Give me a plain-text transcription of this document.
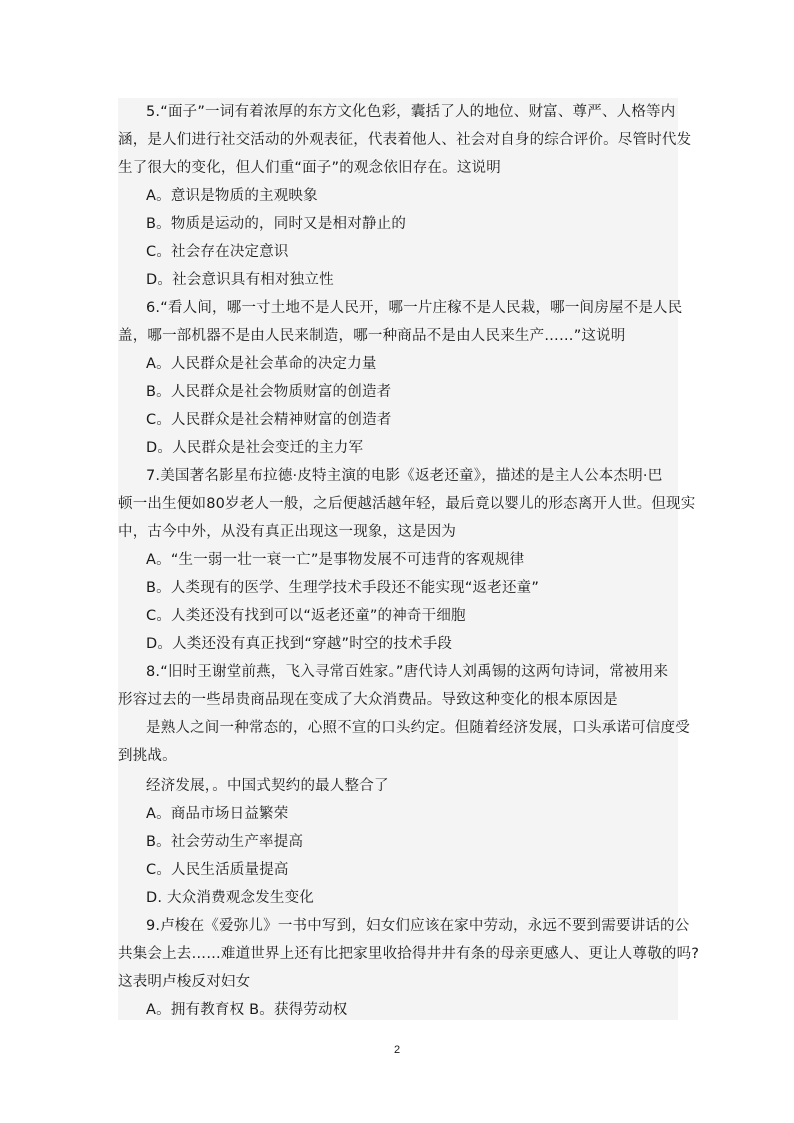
5.“面子”一词有着浓厚的东方文化色彩，囊括了人的地位、财富、尊严、人格等内
涵，是人们进行社交活动的外观表征，代表着他人、社会对自身的综合评价。尽管时代发
生了很大的变化，但人们重“面子”的观念依旧存在。这说明
A。意识是物质的主观映象
B。物质是运动的，同时又是相对静止的
C。社会存在决定意识
D。社会意识具有相对独立性
6.“看人间，哪一寸土地不是人民开，哪一片庄稼不是人民栽，哪一间房屋不是人民
盖，哪一部机器不是由人民来制造，哪一种商品不是由人民来生产……”这说明
A。人民群众是社会革命的决定力量
B。人民群众是社会物质财富的创造者
C。人民群众是社会精神财富的创造者
D。人民群众是社会变迁的主力军
7.美国著名影星布拉德·皮特主演的电影《返老还童》，描述的是主人公本杰明·巴
顿一出生便如80岁老人一般，之后便越活越年轻，最后竟以婴儿的形态离开人世。但现实
中，古今中外，从没有真正出现这一现象，这是因为
A。“生一弱一壮一衰一亡”是事物发展不可违背的客观规律
B。人类现有的医学、生理学技术手段还不能实现“返老还童”
C。人类还没有找到可以“返老还童”的神奇干细胞
D。人类还没有真正找到“穿越”时空的技术手段
8.“旧时王谢堂前燕，飞入寻常百姓家。”唐代诗人刘禹锡的这两句诗词，常被用来
形容过去的一些昂贵商品现在变成了大众消费品。导致这种变化的根本原因是
是熟人之间一种常态的，心照不宣的口头约定。但随着经济发展，口头承诺可信度受
到挑战。
经济发展，。中国式契约的最人整合了
A。商品市场日益繁荣
B。社会劳动生产率提高
C。人民生活质量提高
D. 大众消费观念发生变化
9.卢梭在《爱弥儿》一书中写到，妇女们应该在家中劳动，永远不要到需要讲话的公
共集会上去……难道世界上还有比把家里收拾得井井有条的母亲更感人、更让人尊敬的吗?
这表明卢梭反对妇女
A。拥有教育权 B。获得劳动权
2
